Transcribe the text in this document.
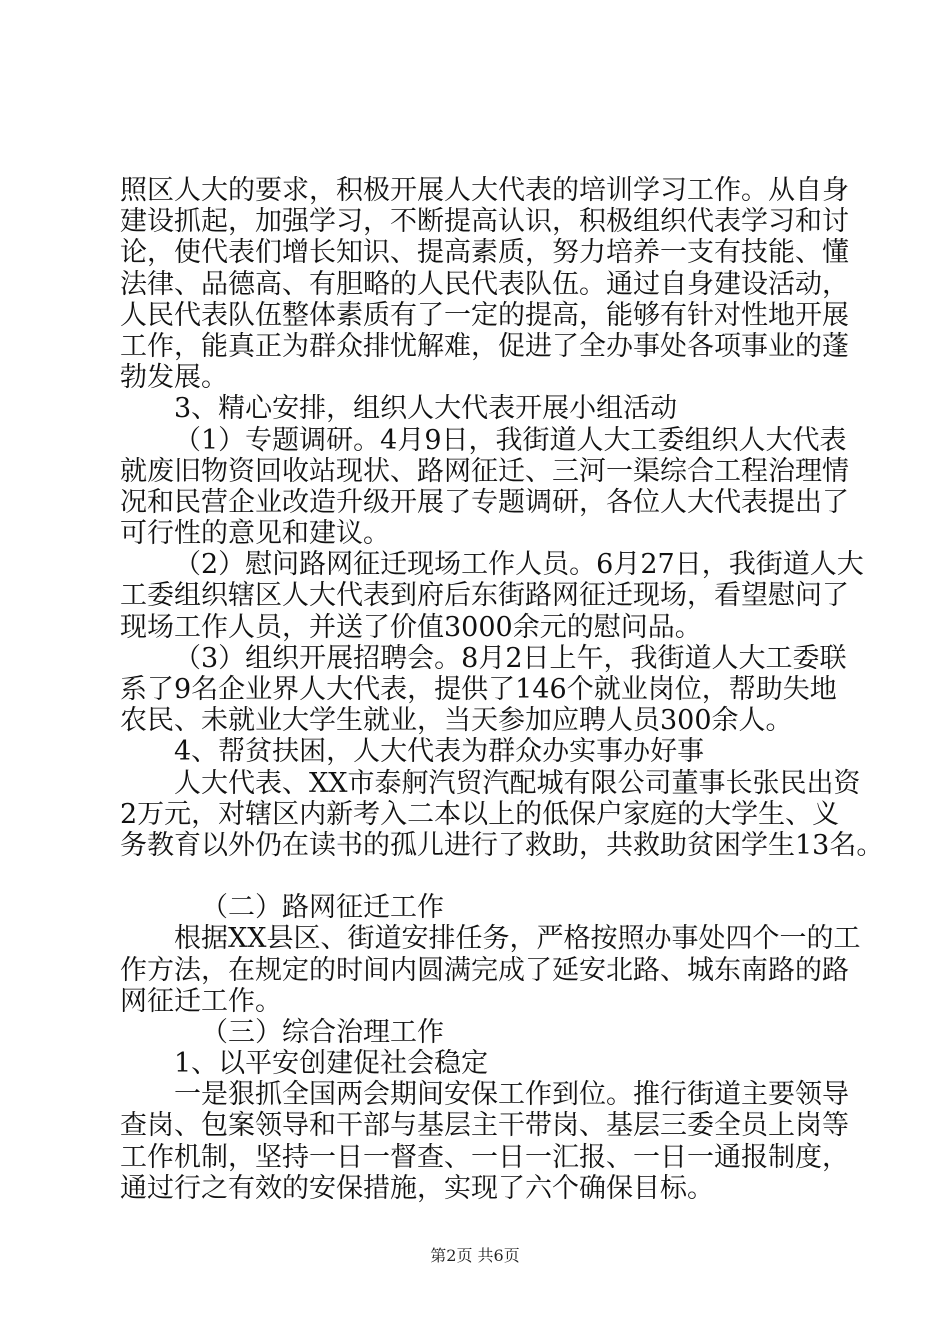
照区人大的要求，积极开展人大代表的培训学习工作。从自身
建设抓起，加强学习，不断提高认识，积极组织代表学习和讨
论，使代表们增长知识、提高素质，努力培养一支有技能、懂
法律、品德高、有胆略的人民代表队伍。通过自身建设活动，
人民代表队伍整体素质有了一定的提高，能够有针对性地开展
工作，能真正为群众排忧解难，促进了全办事处各项事业的蓬
勃发展。
3、精心安排，组织人大代表开展小组活动
（1）专题调研。4月9日，我街道人大工委组织人大代表
就废旧物资回收站现状、路网征迁、三河一渠综合工程治理情
况和民营企业改造升级开展了专题调研，各位人大代表提出了
可行性的意见和建议。
（2）慰问路网征迁现场工作人员。6月27日，我街道人大
工委组织辖区人大代表到府后东街路网征迁现场，看望慰问了
现场工作人员，并送了价值3000余元的慰问品。
（3）组织开展招聘会。8月2日上午，我街道人大工委联
系了9名企业界人大代表，提供了146个就业岗位，帮助失地
农民、未就业大学生就业，当天参加应聘人员300余人。
4、帮贫扶困，人大代表为群众办实事办好事
人大代表、XX市泰舸汽贸汽配城有限公司董事长张民出资
2万元，对辖区内新考入二本以上的低保户家庭的大学生、义
务教育以外仍在读书的孤儿进行了救助，共救助贫困学生13名。
（二）路网征迁工作
根据XX县区、街道安排任务，严格按照办事处四个一的工
作方法，在规定的时间内圆满完成了延安北路、城东南路的路
网征迁工作。
（三）综合治理工作
1、以平安创建促社会稳定
一是狠抓全国两会期间安保工作到位。推行街道主要领导
查岗、包案领导和干部与基层主干带岗、基层三委全员上岗等
工作机制，坚持一日一督查、一日一汇报、一日一通报制度，
通过行之有效的安保措施，实现了六个确保目标。
第2页 共6页
